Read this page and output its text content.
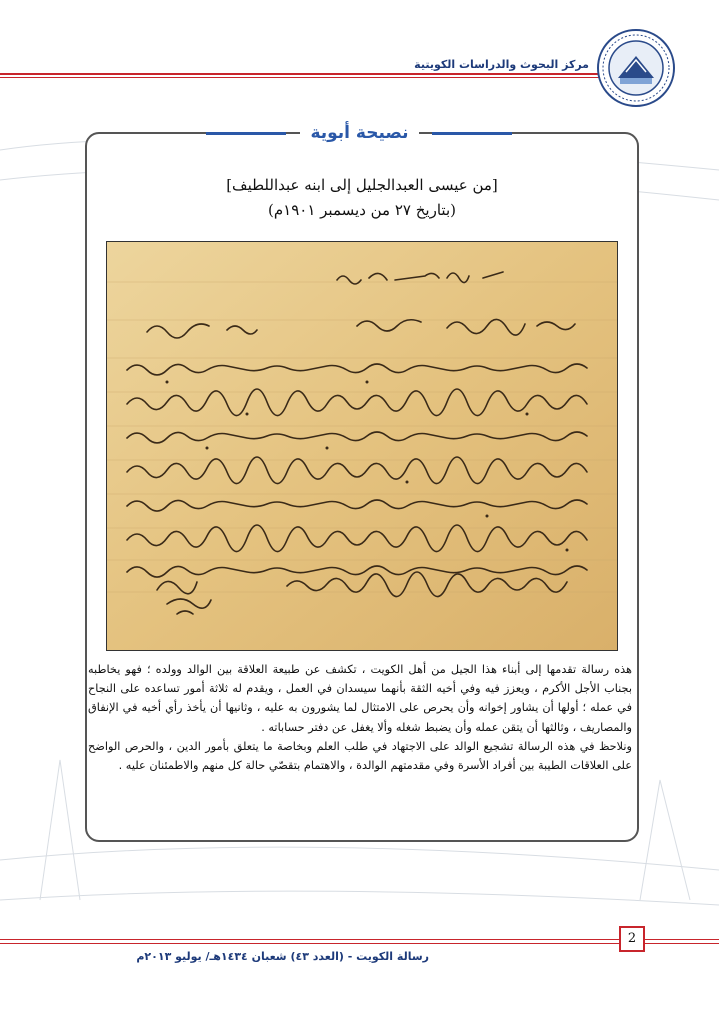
مركز البحوث والدراسات الكويتية
نصيحة أبوية
[من عيسى العبدالجليل إلى ابنه عبداللطيف]
(بتاريخ ٢٧ من ديسمبر ١٩٠١م)

هذه رسالة تقدمها إلى أبناء هذا الجيل من أهل الكويت ، تكشف عن طبيعة العلاقة بين الوالد وولده ؛ فهو يخاطبه بجناب الأجل الأكرم ، ويعزز فيه وفي أخيه الثقة بأنهما سيسدان في العمل ، ويقدم له ثلاثة أمور تساعده على النجاح في عمله ؛ أولها أن يشاور إخوانه وأن يحرص على الامتثال لما يشورون به عليه ، وثانيها أن يأخذ رأي أخيه في الإنفاق والمصاريف ، وثالثها أن يتقن عمله وأن يضبط شغله وألا يغفل عن دفتر حساباته .

ونلاحظ في هذه الرسالة تشجيع الوالد على الاجتهاد في طلب العلم وبخاصة ما يتعلق بأمور الدين ، والحرص الواضح على العلاقات الطيبة بين أفراد الأسرة وفي مقدمتهم الوالدة ، والاهتمام بتقصّي حالة كل منهم والاطمئنان عليه .

2
رسالة الكويت - (العدد ٤٣) شعبان ١٤٣٤هـ/ يوليو ٢٠١٣م
